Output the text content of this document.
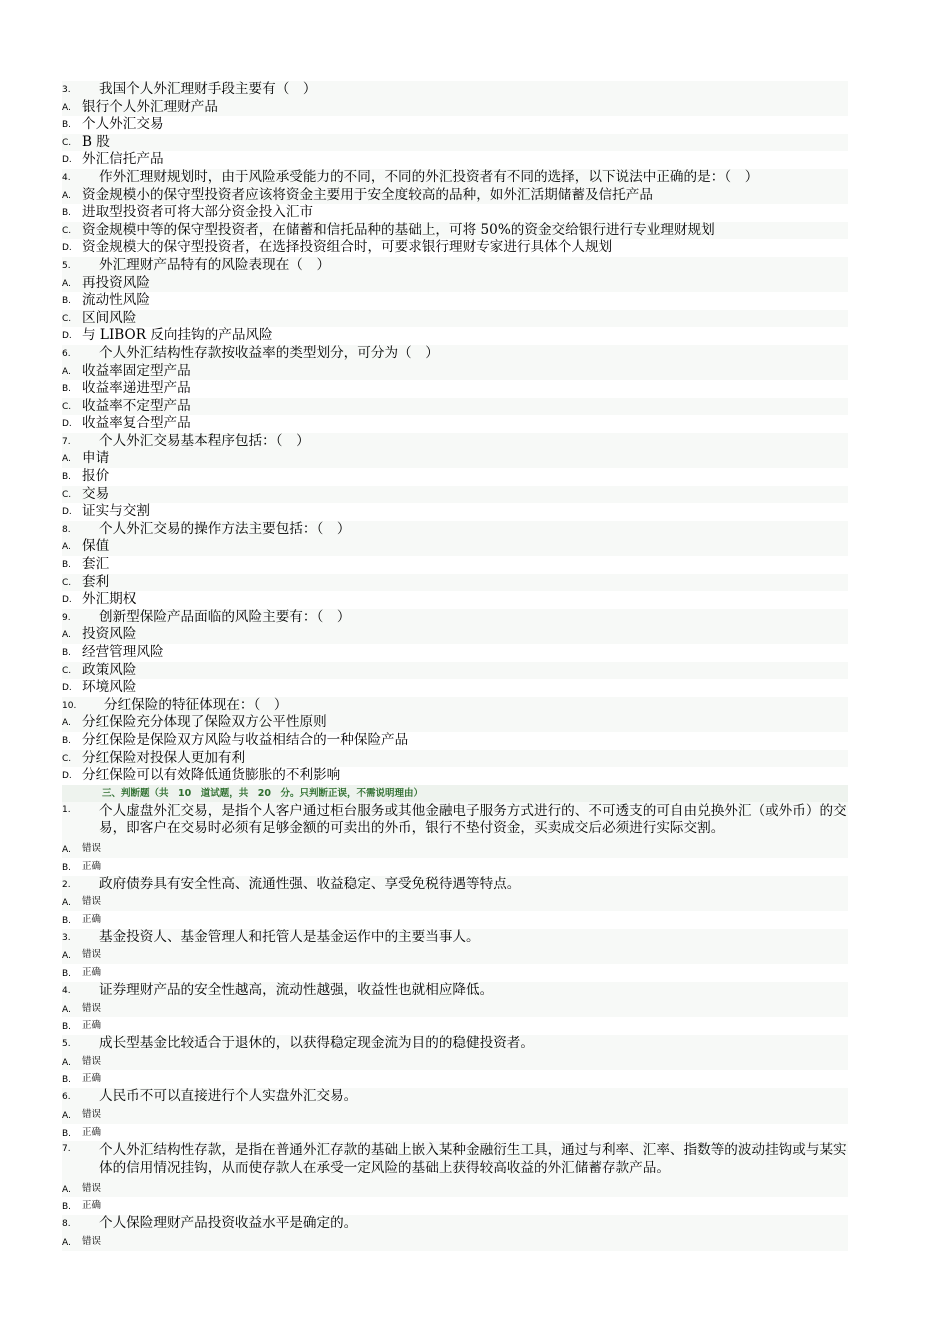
3. 我国个人外汇理财手段主要有（　）
A. 银行个人外汇理财产品
B. 个人外汇交易
C. B 股
D. 外汇信托产品
4. 作外汇理财规划时，由于风险承受能力的不同，不同的外汇投资者有不同的选择，以下说法中正确的是：（　）
A. 资金规模小的保守型投资者应该将资金主要用于安全度较高的品种，如外汇活期储蓄及信托产品
B. 进取型投资者可将大部分资金投入汇市
C. 资金规模中等的保守型投资者，在储蓄和信托品种的基础上，可将 50%的资金交给银行进行专业理财规划
D. 资金规模大的保守型投资者，在选择投资组合时，可要求银行理财专家进行具体个人规划
5. 外汇理财产品特有的风险表现在（　）
A. 再投资风险
B. 流动性风险
C. 区间风险
D. 与 LIBOR 反向挂钩的产品风险
6. 个人外汇结构性存款按收益率的类型划分，可分为（　）
A. 收益率固定型产品
B. 收益率递进型产品
C. 收益率不定型产品
D. 收益率复合型产品
7. 个人外汇交易基本程序包括：（　）
A. 申请
B. 报价
C. 交易
D. 证实与交割
8. 个人外汇交易的操作方法主要包括：（　）
A. 保值
B. 套汇
C. 套利
D. 外汇期权
9. 创新型保险产品面临的风险主要有：（　）
A. 投资风险
B. 经营管理风险
C. 政策风险
D. 环境风险
10. 分红保险的特征体现在：（　）
A. 分红保险充分体现了保险双方公平性原则
B. 分红保险是保险双方风险与收益相结合的一种保险产品
C. 分红保险对投保人更加有利
D. 分红保险可以有效降低通货膨胀的不利影响
三、判断题（共　10　道试题，共　20　分。只判断正误，不需说明理由）
1. 个人虚盘外汇交易，是指个人客户通过柜台服务或其他金融电子服务方式进行的、不可透支的可自由兑换外汇（或外币）的交易，即客户在交易时必须有足够金额的可卖出的外币，银行不垫付资金，买卖成交后必须进行实际交割。
A. 错误
B. 正确
2. 政府债券具有安全性高、流通性强、收益稳定、享受免税待遇等特点。
A. 错误
B. 正确
3. 基金投资人、基金管理人和托管人是基金运作中的主要当事人。
A. 错误
B. 正确
4. 证券理财产品的安全性越高，流动性越强，收益性也就相应降低。
A. 错误
B. 正确
5. 成长型基金比较适合于退休的，以获得稳定现金流为目的的稳健投资者。
A. 错误
B. 正确
6. 人民币不可以直接进行个人实盘外汇交易。
A. 错误
B. 正确
7. 个人外汇结构性存款，是指在普通外汇存款的基础上嵌入某种金融衍生工具，通过与利率、汇率、指数等的波动挂钩或与某实体的信用情况挂钩，从而使存款人在承受一定风险的基础上获得较高收益的外汇储蓄存款产品。
A. 错误
B. 正确
8. 个人保险理财产品投资收益水平是确定的。
A. 错误
